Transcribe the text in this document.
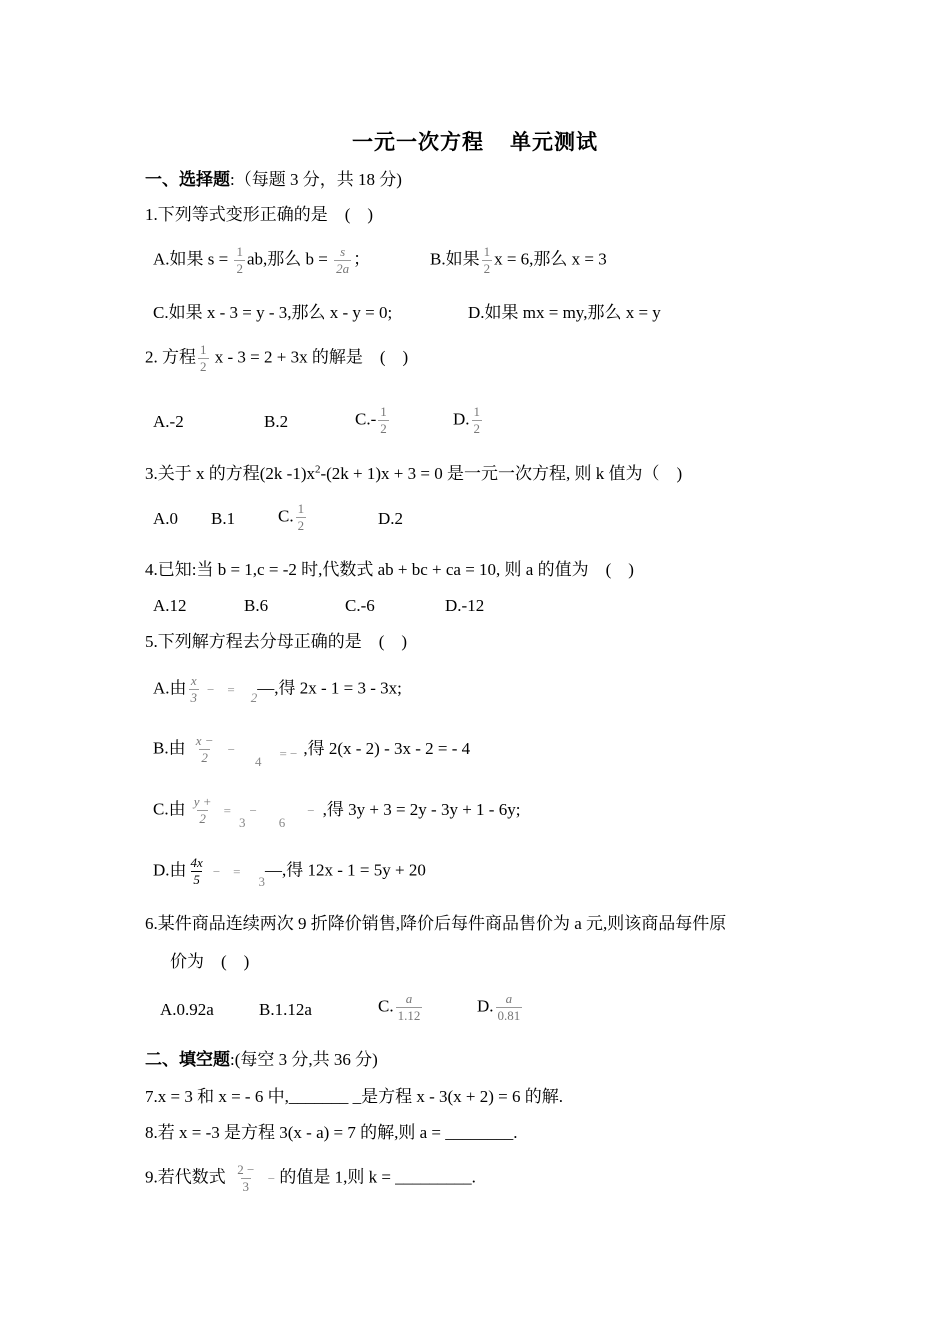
一元一次方程 单元测试
一、选择题:（每题 3 分，共 18 分)
1.下列等式变形正确的是　(　)
A.如果 $s = \frac{1}{2}$ ab,那么 $b = \frac{s}{2a}$ ；	B.如果 $\frac{1}{2}$ x = 6,那么 x = 3
C.如果 x - 3 = y - 3,那么 x - y = 0;	D.如果 mx = my,那么 x = y
2. 方程 $\frac{1}{2}$ x - 3 = 2 + 3x 的解是　(　)
A.-2	B.2	$C.- \frac{1}{2}$	D. $\frac{1}{2}$
3.关于 x 的方程(2k $-1)x^2-(2k + 1)x + 3 = 0$ 是一元一次方程, 则 k 值为（　)
A.0 B.1	C. $\frac{1}{2}$	D.2
4.已知:当 b = 1,c = -2 时,代数式 ab + bc + ca = 10, 则 a 的值为　(　)
A.12	B.6	C.-6	D.-12
5.下列解方程去分母正确的是　(　)
A.由 $\frac{x}{3}$ −　$=_2—$,得 2x - 1 = 3 - 3x;
B.由 $\frac{x -}{2} -_{4= -}$ ,得 2(x - 2) - 3x - 2 = - 4
C.由 $\frac{y +}{2} =_3-_6-$ ,得 3y + 3 = 2y - 3y + 1 - 6y;
D.由 $\frac{4x}{5}$ −　$=_3—$,得 12x - 1 = 5y + 20
6.某件商品连续两次 9 折降价销售,降价后每件商品售价为 a 元,则该商品每件原
价为　(　)
A.0.92a	B.1.12a	C. $\frac{a}{1.12}$	D. $\frac{a}{0.81}$
二、填空题:(每空 3 分,共 36 分)
7.x = 3 和 x = - 6 中,_______ _是方程 x - 3(x + 2) = 6 的解.
8.若 x = -3 是方程 3(x - a) = 7 的解,则 a = ________.
9.若代数式 $\frac{2 -}{3}$ − 的值是 1,则 k = _________.
